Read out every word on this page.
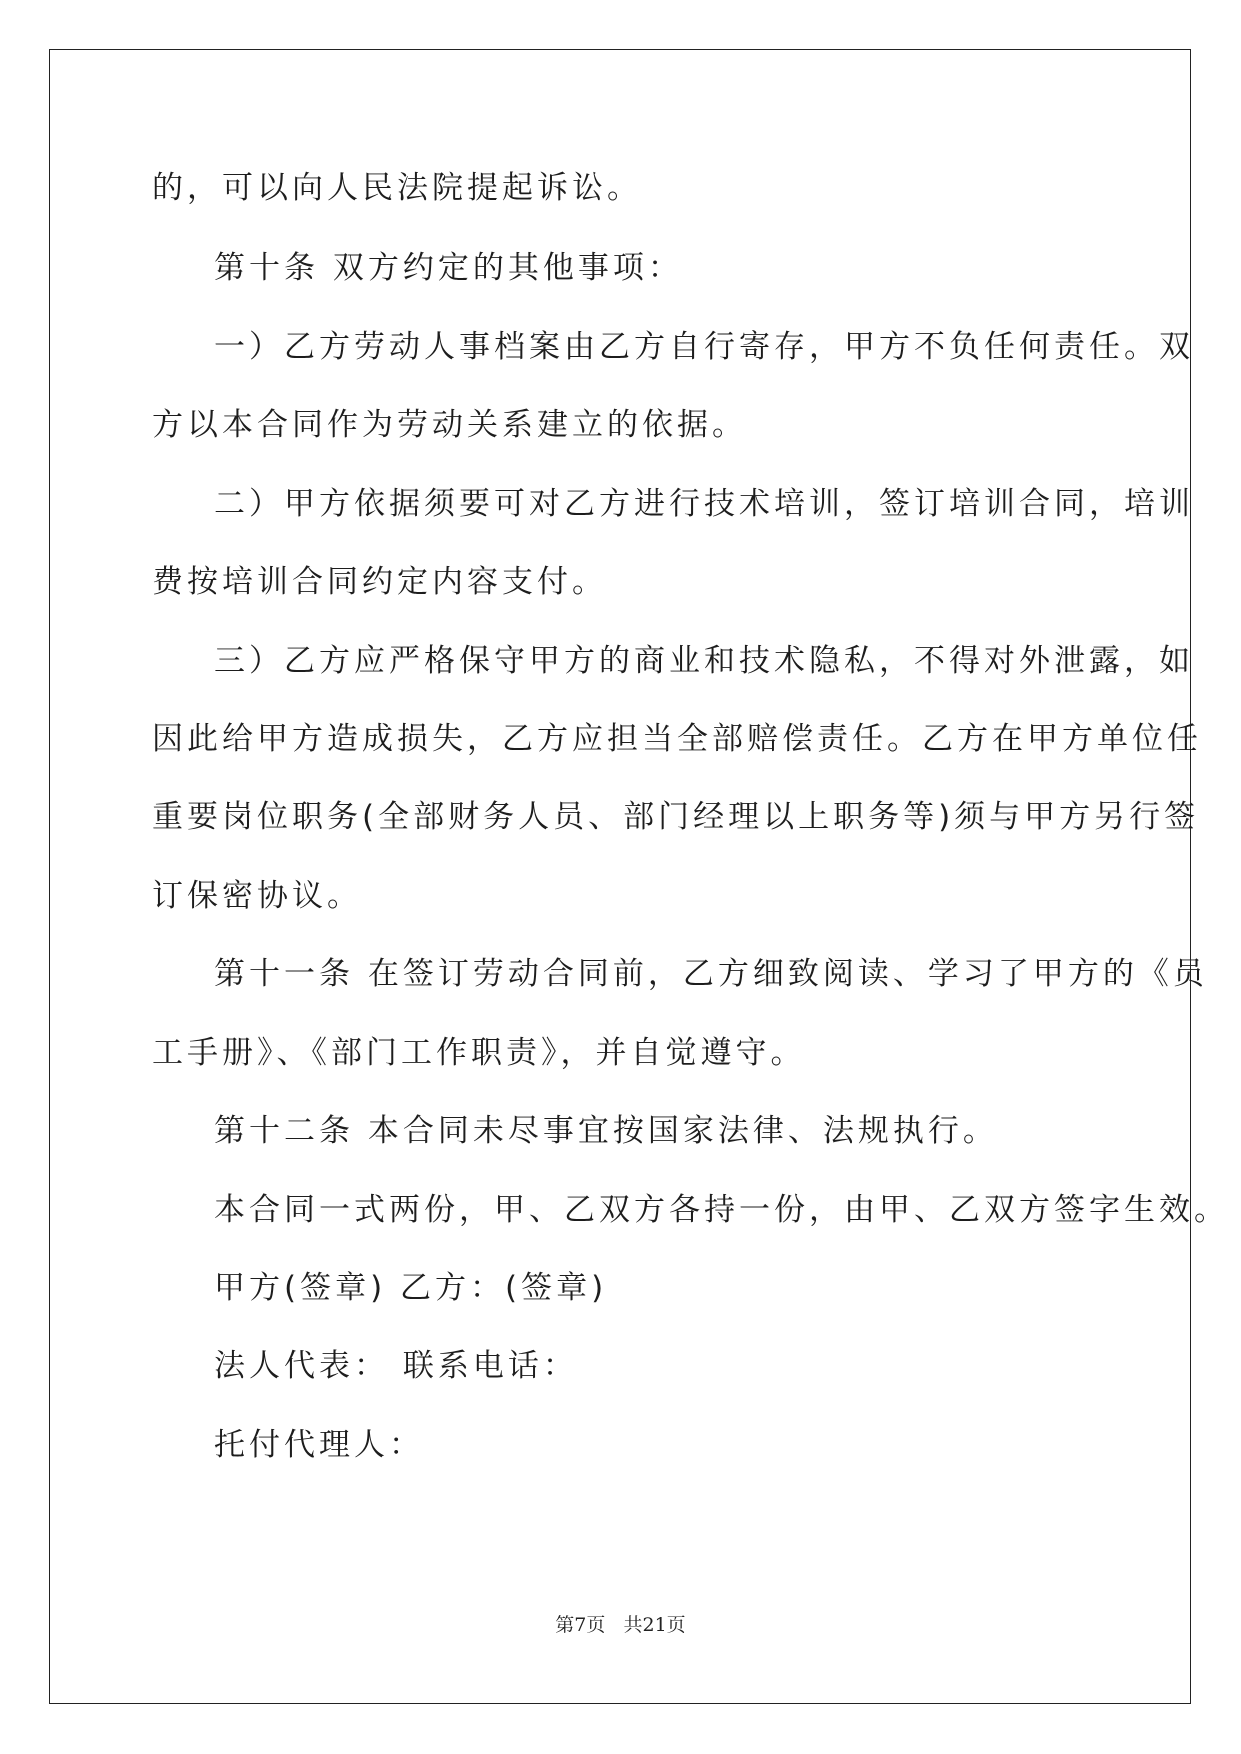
的，可以向人民法院提起诉讼。
第十条 双方约定的其他事项：
一）乙方劳动人事档案由乙方自行寄存，甲方不负任何责任。双
方以本合同作为劳动关系建立的依据。
二）甲方依据须要可对乙方进行技术培训，签订培训合同，培训
费按培训合同约定内容支付。
三）乙方应严格保守甲方的商业和技术隐私，不得对外泄露，如
因此给甲方造成损失，乙方应担当全部赔偿责任。乙方在甲方单位任
重要岗位职务(全部财务人员、部门经理以上职务等)须与甲方另行签
订保密协议。
第十一条 在签订劳动合同前，乙方细致阅读、学习了甲方的《员
工手册》、《部门工作职责》，并自觉遵守。
第十二条 本合同未尽事宜按国家法律、法规执行。
本合同一式两份，甲、乙双方各持一份，由甲、乙双方签字生效。
甲方(签章) 乙方：(签章)
法人代表： 联系电话：
托付代理人：
第7页   共21页
